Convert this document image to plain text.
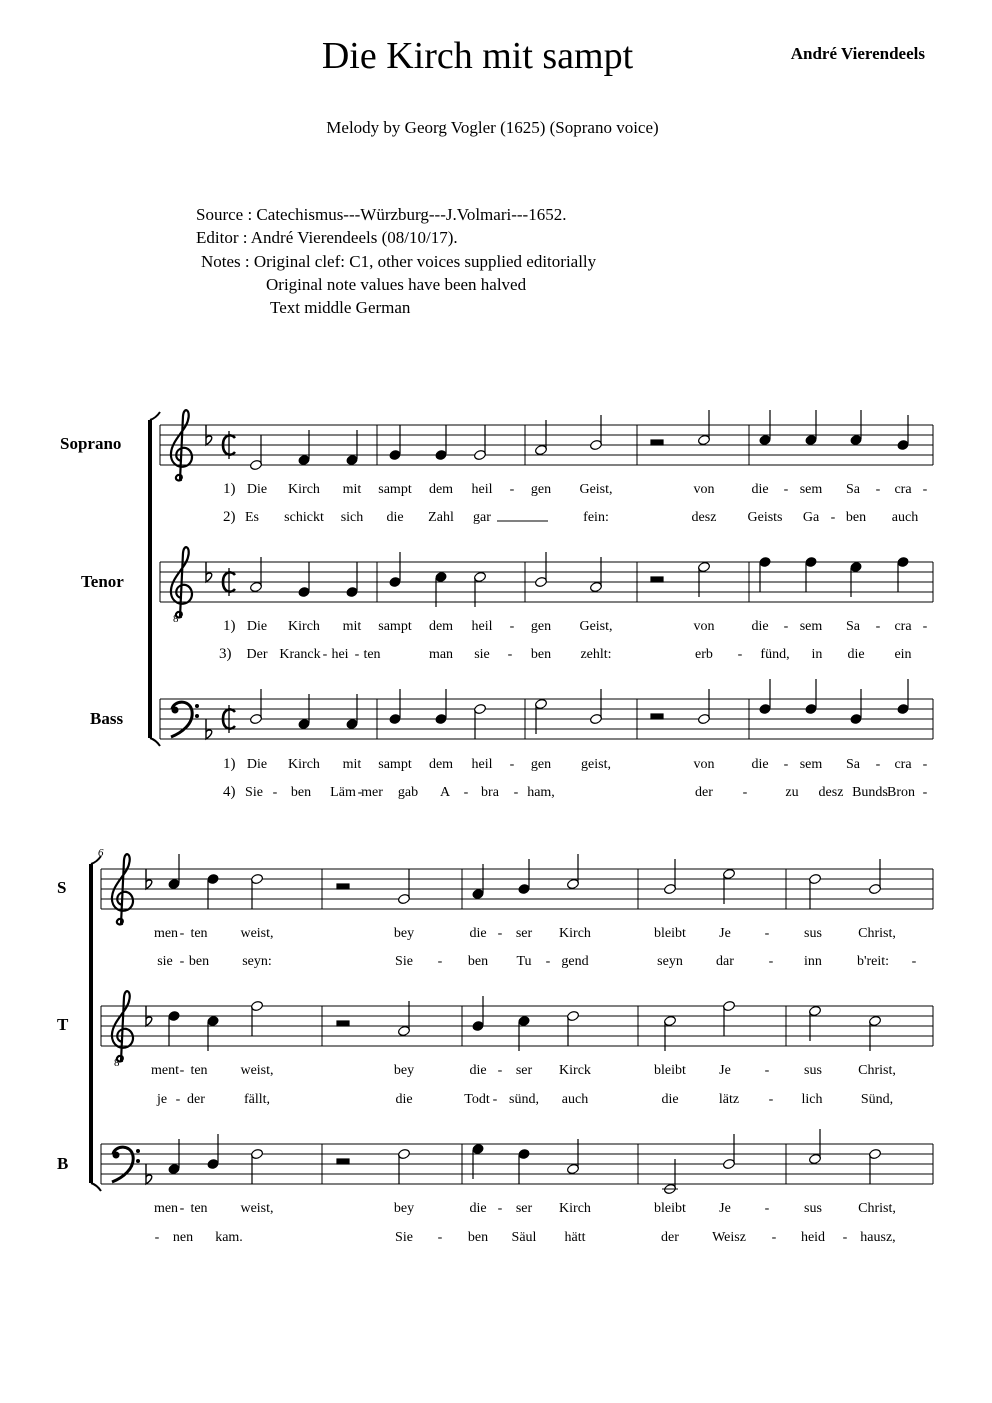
Die Kirch mit sampt	André Vierendeels
Melody by Georg Vogler (1625) (Soprano voice)
Source : Catechismus---Würzburg---J.Volmari---1652.
Editor : André Vierendeels (08/10/17).
Notes : Original clef: C1, other voices supplied editorially
Original note values have been halved
Text middle German
Soprano
Tenor
Bass
8
1) Die Kirch mit sampt dem heil - gen Geist,	von	die - sem Sa - cra -
2) Es schickt sich die Zahl gar	fein:	desz Geists Ga - ben auch
1) Die Kirch mit sampt dem heil - gen Geist,	von	die - sem Sa - cra -
3) Der Kranck - hei - ten	man sie - ben zehlt:	erb - fünd, in die ein
1) Die Kirch mit sampt dem heil - gen geist,	von	die - sem Sa - cra -
4) Sie - ben Läm -
mer gab A - bra - ham,	der -	zu desz Bunds Bron -
6
S
T
B
8
men - ten weist,	bey	die - ser Kirch	bleibt Je - sus	Christ,
sie - ben seyn:	Sie - ben Tu - gend	seyn dar - inn	b'reit: -
ment - ten weist,	bey	die - ser Kirck	bleibt Je - sus	Christ,
je - der	fällt,	die	Todt - sünd, auch	die	lätz - lich	Sünd,
men - ten weist,	bey	die - ser Kirch	bleibt Je - sus	Christ,
- nen kam.	Sie - ben Säul hätt	der Weisz - heid - hausz,
